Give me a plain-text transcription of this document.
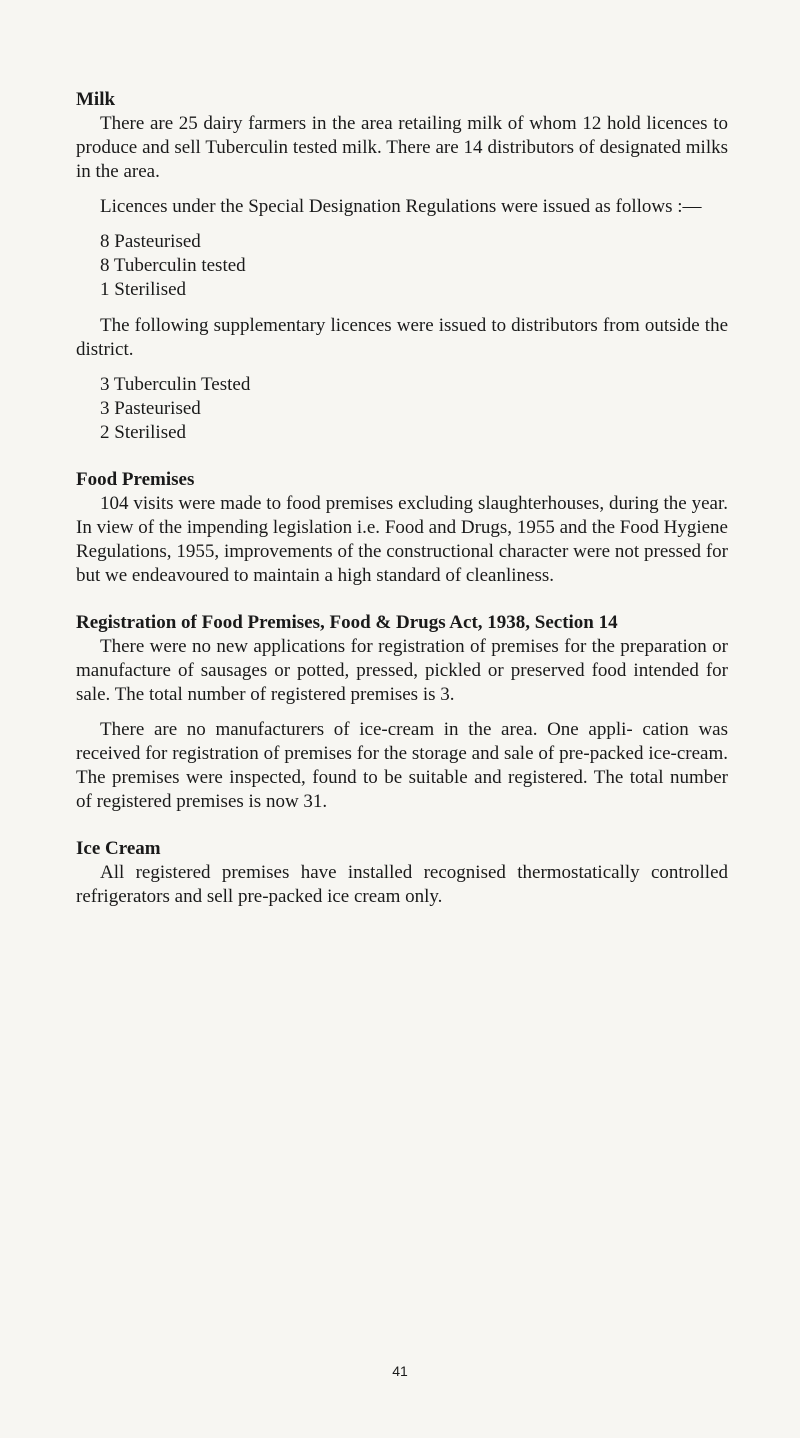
Milk

There are 25 dairy farmers in the area retailing milk of whom 12 hold licences to produce and sell Tuberculin tested milk. There are 14 distributors of designated milks in the area.

Licences under the Special Designation Regulations were issued as follows :—

8 Pasteurised
8 Tuberculin tested
1 Sterilised

The following supplementary licences were issued to distributors from outside the district.

3 Tuberculin Tested
3 Pasteurised
2 Sterilised
Food Premises

104 visits were made to food premises excluding slaughterhouses, during the year. In view of the impending legislation i.e. Food and Drugs, 1955 and the Food Hygiene Regulations, 1955, improvements of the constructional character were not pressed for but we endeavoured to maintain a high standard of cleanliness.

Registration of Food Premises, Food & Drugs Act, 1938, Section 14

There were no new applications for registration of premises for the preparation or manufacture of sausages or potted, pressed, pickled or preserved food intended for sale. The total number of registered premises is 3.

There are no manufacturers of ice-cream in the area. One appli- cation was received for registration of premises for the storage and sale of pre-packed ice-cream. The premises were inspected, found to be suitable and registered. The total number of registered premises is now 31.

Ice Cream

All registered premises have installed recognised thermostatically controlled refrigerators and sell pre-packed ice cream only.

41
